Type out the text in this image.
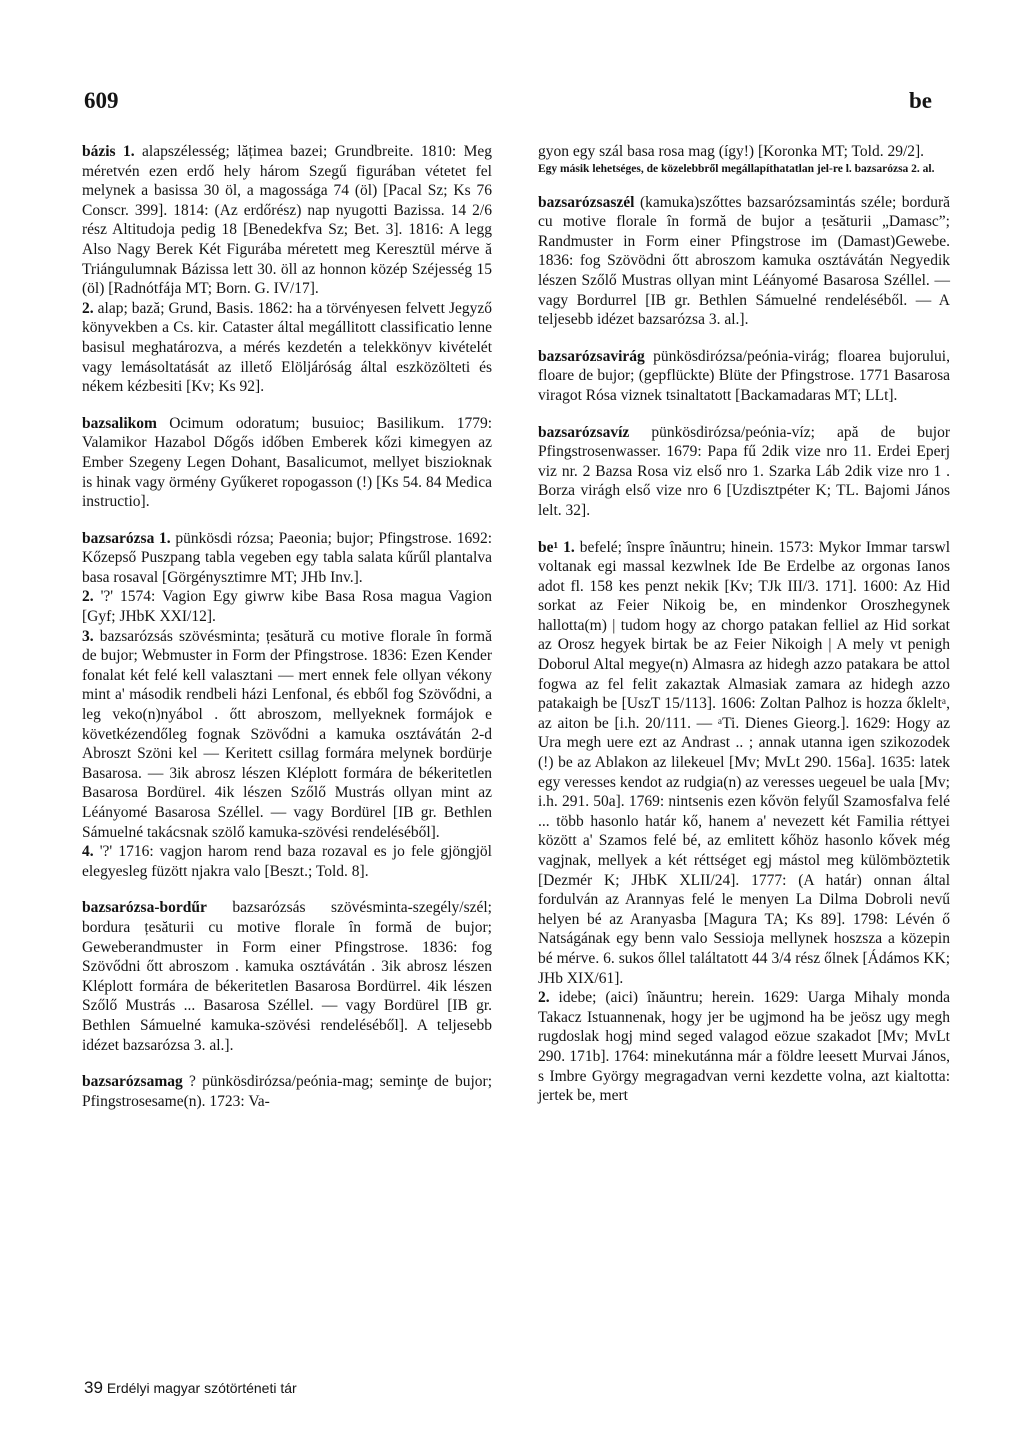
609	be

bázis 1. alapszélesség; lățimea bazei; Grundbreite. 1810: Meg méretvén ezen erdő hely három Szegű figurában vétetet fel melynek a basissa 30 öl, a magossága 74 (öl) [Pacal Sz; Ks 76 Conscr. 399]. 1814: (Az erdőrész) nap nyugotti Bazissa. 14 2/6 rész Altitudoja pedig 18 [Benedekfva Sz; Bet. 3]. 1816: A legg Also Nagy Berek Két Figurába méretett meg Keresztül mérve ă Triángulumnak Bázissa lett 30. öll az honnon közép Széjesség 15 (öl) [Radnótfája MT; Born. G. IV/17].

2. alap; bază; Grund, Basis. 1862: ha a törvényesen felvett Jegyző könyvekben a Cs. kir. Cataster által megállitott classificatio lenne basisul meghatározva, a mérés kezdetén a telekkönyv kivételét vagy lemásoltatását az illető Elöljáróság által eszközölteti és nékem kézbesiti [Kv; Ks 92].

bazsalikom Ocimum odoratum; busuioc; Basilikum. 1779: Valamikor Hazabol Dőgős időben Emberek kőzi kimegyen az Ember Szegeny Legen Dohant, Basalicumot, mellyet biszioknak is hinak vagy örmény Gyűkeret ropogasson (!) [Ks 54. 84 Medica instructio].

bazsarózsa 1. pünkösdi rózsa; Paeonia; bujor; Pfingstrose. 1692: Kőzepső Puszpang tabla vegeben egy tabla salata kűrűl plantalva basa rosaval [Görgénysztimre MT; JHb Inv.].

2. '?' 1574: Vagion Egy giwrw kibe Basa Rosa magua Vagion [Gyf; JHbK XXI/12].

3. bazsarózsás szövésminta; țesătură cu motive florale în formă de bujor; Webmuster in Form der Pfingstrose. 1836: Ezen Kender fonalat két felé kell valasztani — mert ennek fele ollyan vékony mint a' második rendbeli házi Lenfonal, és ebből fog Szövődni, a leg veko(n)nyábol . őtt abroszom, mellyeknek formájok e követkézendőleg fognak Szövődni a kamuka osztávátán 2-d Abroszt Szöni kel — Keritett csillag formára melynek bordürje Basarosa. — 3ik abrosz lészen Kléplott formára de békeritetlen Basarosa Bordürel. 4ik lészen Szőlő Mustrás ollyan mint az Léányomé Basarosa Széllel. — vagy Bordürel [IB gr. Bethlen Sámuelné takácsnak szölő kamuka-szövési rendeléséből].

4. '?' 1716: vagjon harom rend baza rozaval es jo fele gjöngjöl elegyesleg füzött njakra valo [Beszt.; Told. 8].

bazsarózsa-bordűr bazsarózsás szövésminta-szegély/szél; bordura țesăturii cu motive florale în formă de bujor; Geweberandmuster in Form einer Pfingstrose. 1836: fog Szövődni őtt abroszom . kamuka osztávátán . 3ik abrosz lészen Kléplott formára de békeritetlen Basarosa Bordürrel. 4ik lészen Szőlő Mustrás ... Basarosa Széllel. — vagy Bordürel [IB gr. Bethlen Sámuelné kamuka-szövési rendeléséből]. A teljesebb idézet bazsarózsa 3. al.].

bazsarózsamag ? pünkösdirózsa/peónia-mag; seminţe de bujor; Pfingstrosesame(n). 1723: Va-

gyon egy szál basa rosa mag (így!) [Koronka MT; Told. 29/2].

Egy másik lehetséges, de közelebbről megállapíthatatlan jel-re l. bazsarózsa 2. al.

bazsarózsaszél (kamuka)szőttes bazsarózsamintás széle; bordură cu motive florale în formă de bujor a țesăturii „Damasc”; Randmuster in Form einer Pfingstrose im (Damast)Gewebe. 1836: fog Szövödni őtt abroszom kamuka osztávátán Negyedik lészen Szőlő Mustras ollyan mint Léányomé Basarosa Széllel. — vagy Bordurrel [IB gr. Bethlen Sámuelné rendeléséből. — A teljesebb idézet bazsarózsa 3. al.].

bazsarózsavirág pünkösdirózsa/peónia-virág; floarea bujorului, floare de bujor; (gepflückte) Blüte der Pfingstrose. 1771 Basarosa viragot Rósa viznek tsinaltatott [Backamadaras MT; LLt].

bazsarózsavíz pünkösdirózsa/peónia-víz; apă de bujor Pfingstrosenwasser. 1679: Papa fű 2dik vize nro 11. Erdei Eperj viz nr. 2 Bazsa Rosa viz első nro 1. Szarka Láb 2dik vize nro 1 . Borza virágh első vize nro 6 [Uzdisztpéter K; TL. Bajomi János lelt. 32].

be¹ 1. befelé; înspre înăuntru; hinein. 1573: Mykor Immar tarswl voltanak egi massal kezwlnek Ide Be Erdelbe az orgonas Ianos adot fl. 158 kes penzt nekik [Kv; TJk III/3. 171]. 1600: Az Hid sorkat az Feier Nikoig be, en mindenkor Oroszhegynek hallotta(m) | tudom hogy az chorgo patakan felliel az Hid sorkat az Orosz hegyek birtak be az Feier Nikoigh | A mely vt penigh Doborul Altal megye(n) Almasra az hidegh azzo patakara be attol fogwa az fel felit zakaztak Almasiak zamara az hidegh azzo patakaigh be [UszT 15/113]. 1606: Zoltan Palhoz is hozza őkleltᵃ, az aiton be [i.h. 20/111. — ᵃTi. Dienes Gieorg.]. 1629: Hogy az Ura megh uere ezt az Andrast .. ; annak utanna igen szikozodek (!) be az Ablakon az lilekeuel [Mv; MvLt 290. 156a]. 1635: latek egy veresses kendot az rudgia(n) az veresses uegeuel be uala [Mv; i.h. 291. 50a]. 1769: nintsenis ezen kővön felyűl Szamosfalva felé ... több hasonlo határ kő, hanem a' nevezett két Familia réttyei között a' Szamos felé bé, az emlitett kőhöz hasonlo kővek még vagjnak, mellyek a két réttséget egj mástol meg külömböztetik [Dezmér K; JHbK XLII/24]. 1777: (A határ) onnan által fordulván az Arannyas felé le menyen La Dilma Dobroli nevű helyen bé az Aranyasba [Magura TA; Ks 89]. 1798: Lévén ő Natságának egy benn valo Sessioja mellynek hoszsza a közepin bé mérve. 6. sukos őllel találtatott 44 3/4 rész őlnek [Ádámos KK; JHb XIX/61].

2. idebe; (aici) înăuntru; herein. 1629: Uarga Mihaly monda Takacz Istuannenak, hogy jer be ugjmond ha be jeösz ugy megh rugdoslak hogj mind seged valagod eözue szakadot [Mv; MvLt 290. 171b]. 1764: minekutánna már a földre leesett Murvai János, s Imbre György megragadvan verni kezdette volna, azt kialtotta: jertek be, mert

39 Erdélyi magyar szótörténeti tár
